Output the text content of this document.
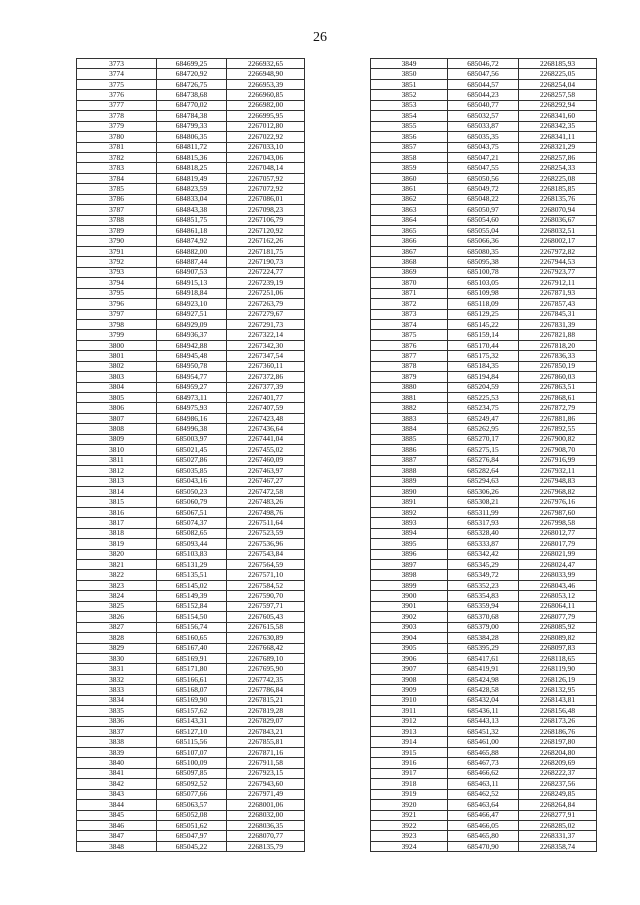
26
3773	684699,25	2266932,65
3774	684720,92	2266948,90
3775	684726,75	2266953,39
3776	684738,68	2266960,85
3777	684770,02	2266982,00
3778	684784,38	2266995,95
3779	684799,33	2267012,80
3780	684806,35	2267022,92
3781	684811,72	2267033,10
3782	684815,36	2267043,06
3783	684818,25	2267048,14
3784	684819,49	2267057,92
3785	684823,59	2267072,92
3786	684833,04	2267086,01
3787	684843,38	2267098,23
3788	684851,75	2267106,79
3789	684861,18	2267120,92
3790	684874,92	2267162,26
3791	684882,00	2267181,75
3792	684887,44	2267190,73
3793	684907,53	2267224,77
3794	684915,13	2267239,19
3795	684918,84	2267251,06
3796	684923,10	2267263,79
3797	684927,51	2267279,67
3798	684929,09	2267291,73
3799	684936,37	2267322,14
3800	684942,88	2267342,30
3801	684945,48	2267347,54
3802	684950,78	2267360,11
3803	684954,77	2267372,86
3804	684959,27	2267377,39
3805	684973,11	2267401,77
3806	684975,93	2267407,59
3807	684986,16	2267423,48
3808	684996,38	2267436,64
3809	685003,97	2267441,04
3810	685021,45	2267455,02
3811	685027,86	2267460,09
3812	685035,85	2267463,97
3813	685043,16	2267467,27
3814	685050,23	2267472,58
3815	685060,79	2267483,26
3816	685067,51	2267498,76
3817	685074,37	2267511,64
3818	685082,65	2267523,59
3819	685093,44	2267536,96
3820	685103,83	2267543,84
3821	685131,29	2267564,59
3822	685135,51	2267571,10
3823	685145,02	2267584,52
3824	685149,39	2267590,70
3825	685152,84	2267597,71
3826	685154,50	2267605,43
3827	685156,74	2267615,58
3828	685160,65	2267630,89
3829	685167,40	2267668,42
3830	685169,91	2267689,10
3831	685171,80	2267695,90
3832	685166,61	2267742,35
3833	685168,07	2267786,84
3834	685169,90	2267815,21
3835	685157,62	2267819,28
3836	685143,31	2267829,07
3837	685127,10	2267843,21
3838	685115,56	2267855,81
3839	685107,07	2267871,16
3840	685100,09	2267911,58
3841	685097,85	2267923,15
3842	685092,52	2267943,60
3843	685077,66	2267971,49
3844	685063,57	2268001,06
3845	685052,08	2268032,00
3846	685051,62	2268036,35
3847	685047,97	2268070,77
3848	685045,22	2268135,79
3849	685046,72	2268185,93
3850	685047,56	2268225,05
3851	685044,57	2268254,04
3852	685044,23	2268257,58
3853	685040,77	2268292,94
3854	685032,57	2268341,60
3855	685033,87	2268342,35
3856	685035,35	2268341,11
3857	685043,75	2268321,29
3858	685047,21	2268257,86
3859	685047,55	2268254,33
3860	685050,56	2268225,08
3861	685049,72	2268185,85
3862	685048,22	2268135,76
3863	685050,97	2268070,94
3864	685054,60	2268036,67
3865	685055,04	2268032,51
3866	685066,36	2268002,17
3867	685080,35	2267972,82
3868	685095,38	2267944,53
3869	685100,78	2267923,77
3870	685103,05	2267912,11
3871	685109,98	2267871,93
3872	685118,09	2267857,43
3873	685129,25	2267845,31
3874	685145,22	2267831,39
3875	685159,14	2267821,88
3876	685170,44	2267818,20
3877	685175,32	2267836,33
3878	685184,35	2267850,19
3879	685194,84	2267860,03
3880	685204,59	2267863,51
3881	685225,53	2267868,61
3882	685234,75	2267872,79
3883	685249,47	2267881,86
3884	685262,95	2267892,55
3885	685270,17	2267900,82
3886	685275,15	2267908,70
3887	685276,84	2267916,99
3888	685282,64	2267932,11
3889	685294,63	2267948,83
3890	685306,26	2267968,82
3891	685308,21	2267976,16
3892	685311,99	2267987,60
3893	685317,93	2267998,58
3894	685328,40	2268012,77
3895	685333,87	2268017,79
3896	685342,42	2268021,99
3897	685345,29	2268024,47
3898	685349,72	2268033,99
3899	685352,23	2268043,46
3900	685354,83	2268053,12
3901	685359,94	2268064,11
3902	685370,68	2268077,79
3903	685379,00	2268085,92
3904	685384,28	2268089,82
3905	685395,29	2268097,83
3906	685417,61	2268118,65
3907	685419,91	2268119,90
3908	685424,98	2268126,19
3909	685428,58	2268132,95
3910	685432,04	2268143,81
3911	685436,11	2268156,48
3912	685443,13	2268173,26
3913	685451,32	2268186,76
3914	685461,00	2268197,80
3915	685465,88	2268204,80
3916	685467,73	2268209,69
3917	685466,62	2268222,37
3918	685463,11	2268237,56
3919	685462,52	2268249,85
3920	685463,64	2268264,84
3921	685466,47	2268277,91
3922	685466,05	2268285,02
3923	685465,80	2268331,37
3924	685470,90	2268358,74
